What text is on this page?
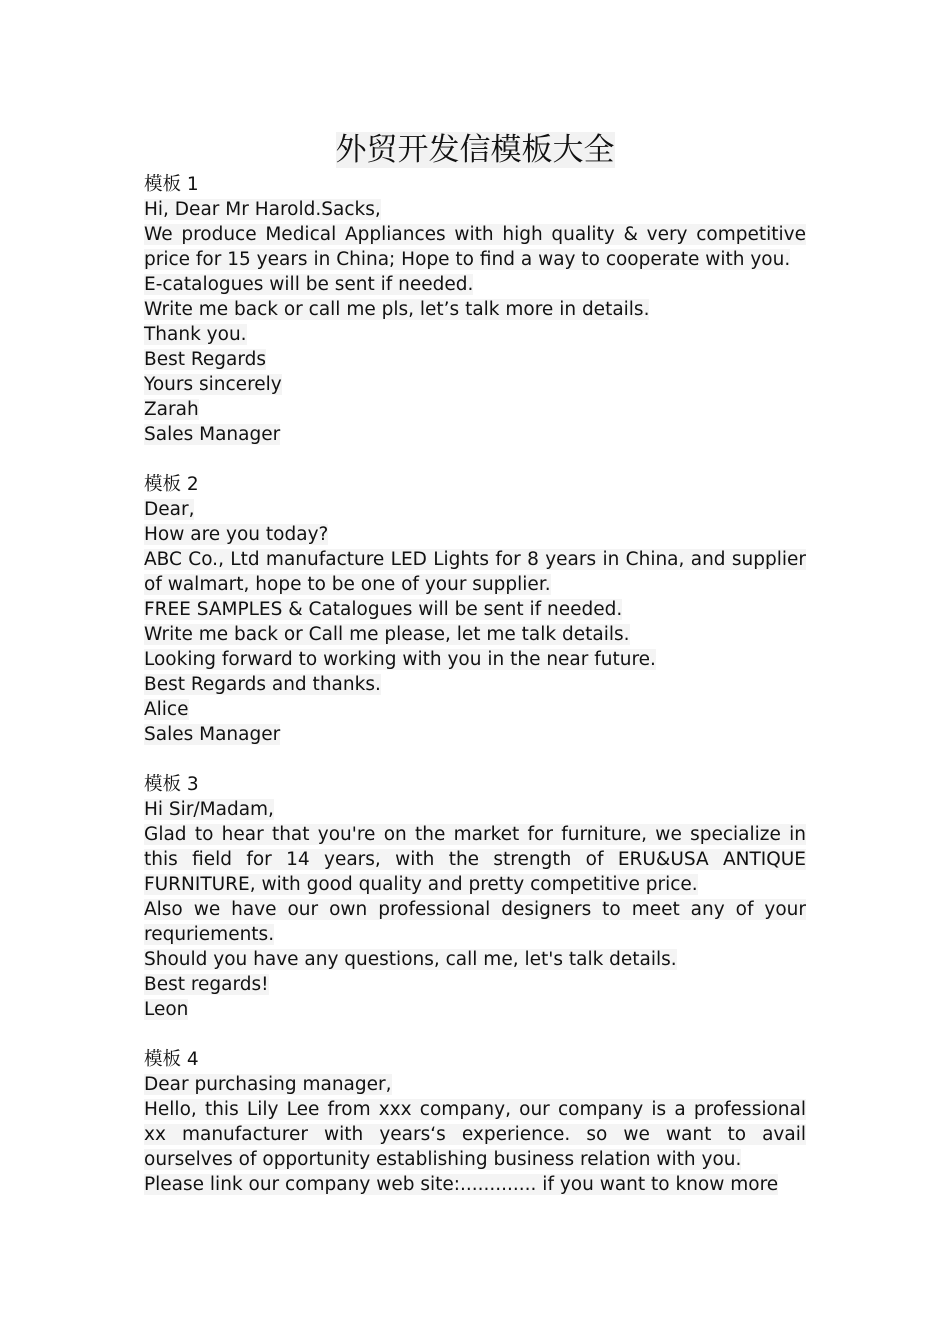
外贸开发信模板大全
模板 1

Hi, Dear Mr Harold.Sacks,

We produce Medical Appliances with high quality & very competitive price for 15 years in China; Hope to find a way to cooperate with you.

E-catalogues will be sent if needed.

Write me back or call me pls, let’s talk more in details.

Thank you.

Best Regards

Yours sincerely

Zarah

Sales Manager

模板 2

Dear,

How are you today?

ABC Co., Ltd manufacture LED Lights for 8 years in China, and supplier of walmart, hope to be one of your supplier.

FREE SAMPLES & Catalogues will be sent if needed.

Write me back or Call me please, let me talk details.

Looking forward to working with you in the near future.

Best Regards and thanks.

Alice

Sales Manager

模板 3

Hi Sir/Madam,

Glad to hear that you're on the market for furniture, we specialize in this field for 14 years, with the strength of ERU&USA ANTIQUE FURNITURE, with good quality and pretty competitive price.

Also we have our own professional designers to meet any of your requriements.

Should you have any questions, call me, let's talk details.

Best regards!

Leon

模板 4

Dear purchasing manager,

Hello, this Lily Lee from xxx company, our company is a professional xx manufacturer with years‘s experience. so we want to avail ourselves of opportunity establishing business relation with you.

Please link our company web site:............. if you want to know more
